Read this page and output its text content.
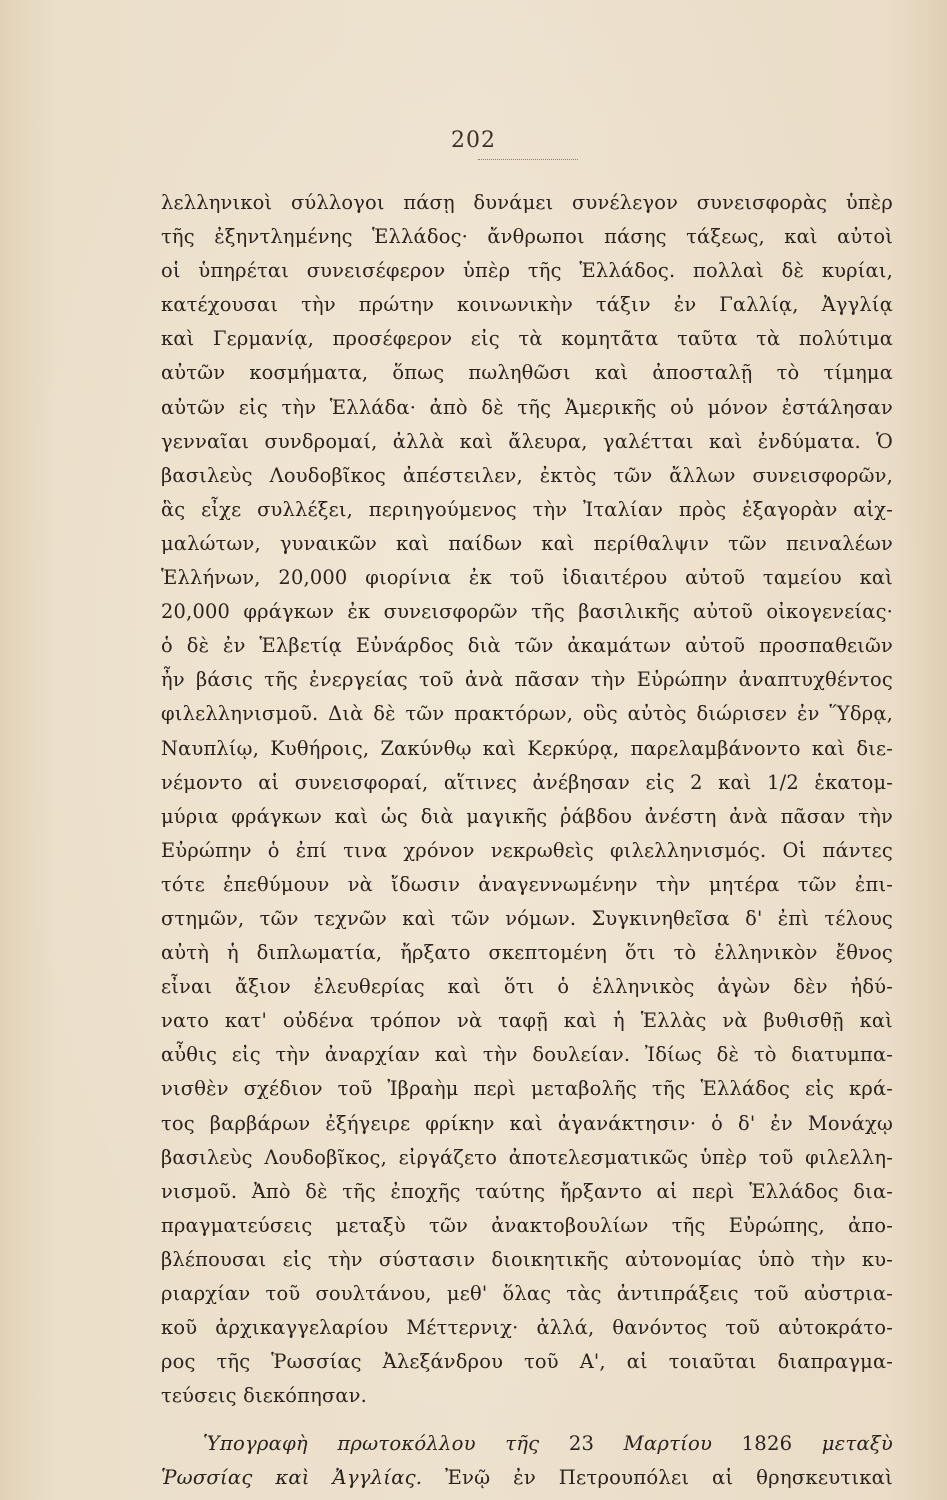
202
λελληνικοὶ σύλλογοι πάσῃ δυνάμει συνέλεγον συνεισφορὰς ὑπὲρ
τῆς ἐξηντλημένης Ἑλλάδος· ἄνθρωποι πάσης τάξεως, καὶ αὐτοὶ
οἱ ὑπηρέται συνεισέφερον ὑπὲρ τῆς Ἑλλάδος. πολλαὶ δὲ κυρίαι,
κατέχουσαι τὴν πρώτην κοινωνικὴν τάξιν ἐν Γαλλίᾳ, Ἀγγλίᾳ
καὶ Γερμανίᾳ, προσέφερον εἰς τὰ κομητᾶτα ταῦτα τὰ πολύτιμα
αὐτῶν κοσμήματα, ὅπως πωληθῶσι καὶ ἀποσταλῇ τὸ τίμημα
αὐτῶν εἰς τὴν Ἑλλάδα· ἀπὸ δὲ τῆς Ἀμερικῆς οὐ μόνον ἐστάλησαν
γενναῖαι συνδρομαί, ἀλλὰ καὶ ἄλευρα, γαλέτται καὶ ἐνδύματα. Ὁ
βασιλεὺς Λουδοβῖκος ἀπέστειλεν, ἐκτὸς τῶν ἄλλων συνεισφορῶν,
ἃς εἶχε συλλέξει, περιηγούμενος τὴν Ἰταλίαν πρὸς ἐξαγορὰν αἰχ-
μαλώτων, γυναικῶν καὶ παίδων καὶ περίθαλψιν τῶν πειναλέων
Ἑλλήνων, 20,000 φιορίνια ἐκ τοῦ ἰδιαιτέρου αὐτοῦ ταμείου καὶ
20,000 φράγκων ἐκ συνεισφορῶν τῆς βασιλικῆς αὐτοῦ οἰκογενείας·
ὁ δὲ ἐν Ἑλβετίᾳ Εὐνάρδος διὰ τῶν ἀκαμάτων αὐτοῦ προσπαθειῶν
ἦν βάσις τῆς ἐνεργείας τοῦ ἀνὰ πᾶσαν τὴν Εὐρώπην ἀναπτυχθέντος
φιλελληνισμοῦ. Διὰ δὲ τῶν πρακτόρων, οὓς αὐτὸς διώρισεν ἐν Ὕδρᾳ,
Ναυπλίῳ, Κυθήροις, Ζακύνθῳ καὶ Κερκύρᾳ, παρελαμβάνοντο καὶ διε-
νέμοντο αἱ συνεισφοραί, αἵτινες ἀνέβησαν εἰς 2 καὶ 1/2 ἑκατομ-
μύρια φράγκων καὶ ὡς διὰ μαγικῆς ῥάβδου ἀνέστη ἀνὰ πᾶσαν τὴν
Εὐρώπην ὁ ἐπί τινα χρόνον νεκρωθεὶς φιλελληνισμός. Οἱ πάντες
τότε ἐπεθύμουν νὰ ἴδωσιν ἀναγεννωμένην τὴν μητέρα τῶν ἐπι-
στημῶν, τῶν τεχνῶν καὶ τῶν νόμων. Συγκινηθεῖσα δ' ἐπὶ τέλους
αὐτὴ ἡ διπλωματία, ἤρξατο σκεπτομένη ὅτι τὸ ἑλληνικὸν ἔθνος
εἶναι ἄξιον ἐλευθερίας καὶ ὅτι ὁ ἑλληνικὸς ἀγὼν δὲν ἠδύ-
νατο κατ' οὐδένα τρόπον νὰ ταφῇ καὶ ἡ Ἑλλὰς νὰ βυθισθῇ καὶ
αὖθις εἰς τὴν ἀναρχίαν καὶ τὴν δουλείαν. Ἰδίως δὲ τὸ διατυμπα-
νισθὲν σχέδιον τοῦ Ἰβραὴμ περὶ μεταβολῆς τῆς Ἑλλάδος εἰς κρά-
τος βαρβάρων ἐξήγειρε φρίκην καὶ ἀγανάκτησιν· ὁ δ' ἐν Μονάχῳ
βασιλεὺς Λουδοβῖκος, εἰργάζετο ἀποτελεσματικῶς ὑπὲρ τοῦ φιλελλη-
νισμοῦ. Ἀπὸ δὲ τῆς ἐποχῆς ταύτης ἤρξαντο αἱ περὶ Ἑλλάδος δια-
πραγματεύσεις μεταξὺ τῶν ἀνακτοβουλίων τῆς Εὐρώπης, ἀπο-
βλέπουσαι εἰς τὴν σύστασιν διοικητικῆς αὐτονομίας ὑπὸ τὴν κυ-
ριαρχίαν τοῦ σουλτάνου, μεθ' ὅλας τὰς ἀντιπράξεις τοῦ αὐστρια-
κοῦ ἀρχικαγγελαρίου Μέττερνιχ· ἀλλά, θανόντος τοῦ αὐτοκράτο-
ρος τῆς Ῥωσσίας Ἀλεξάνδρου τοῦ Α', αἱ τοιαῦται διαπραγμα-
τεύσεις διεκόπησαν.
Ὑπογραφὴ πρωτοκόλλου τῆς 23 Μαρτίου 1826 μεταξὺ
Ῥωσσίας καὶ Ἀγγλίας. Ἐνῷ ἐν Πετρουπόλει αἱ θρησκευτικαὶ
